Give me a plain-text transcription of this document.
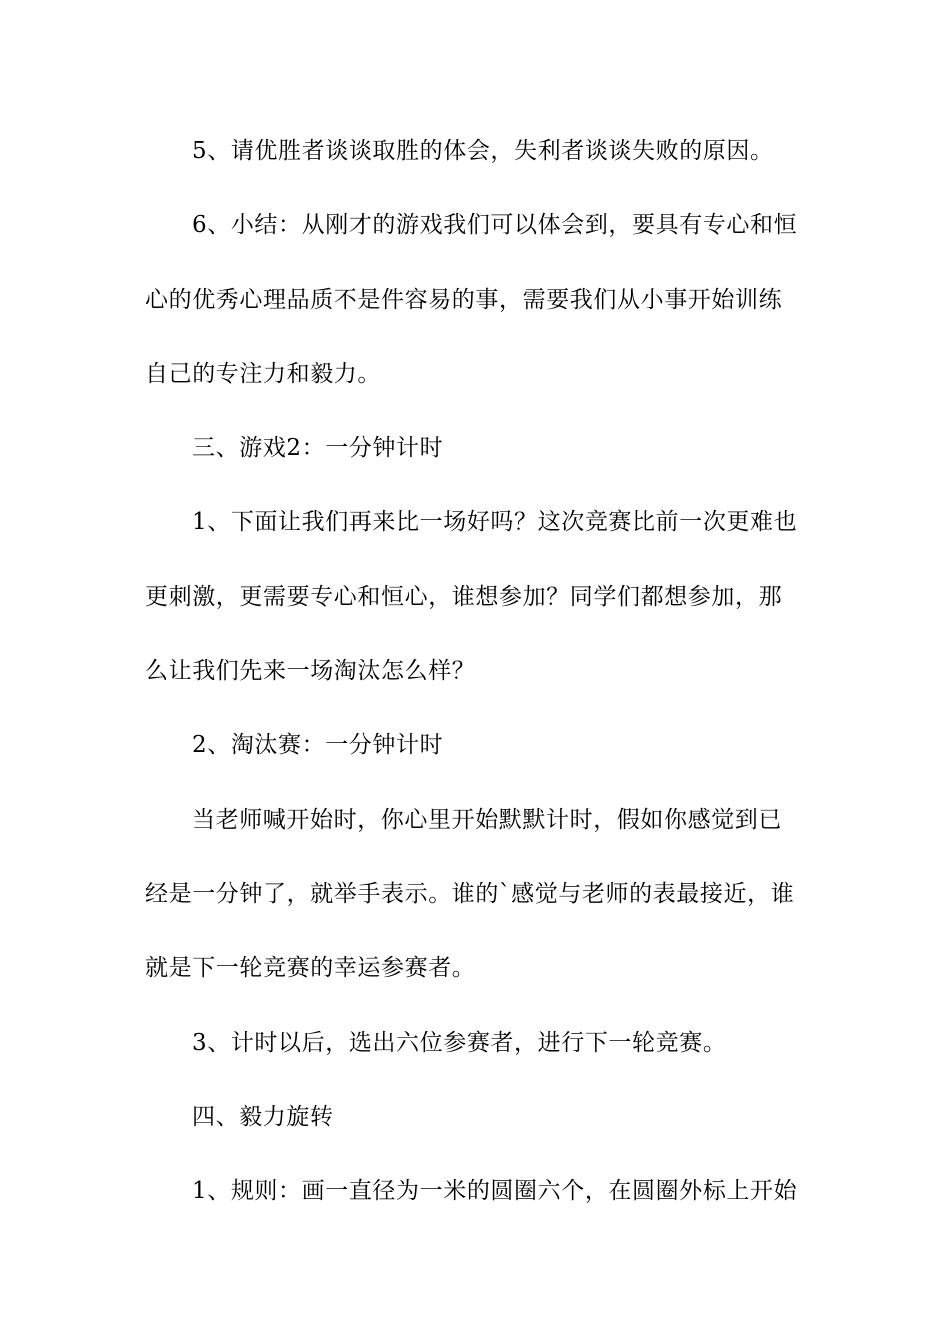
5、请优胜者谈谈取胜的体会，失利者谈谈失败的原因。
6、小结：从刚才的游戏我们可以体会到，要具有专心和恒
心的优秀心理品质不是件容易的事，需要我们从小事开始训练
自己的专注力和毅力。
三、游戏2：一分钟计时
1、下面让我们再来比一场好吗？这次竞赛比前一次更难也
更刺激，更需要专心和恒心，谁想参加？同学们都想参加，那
么让我们先来一场淘汰怎么样？
2、淘汰赛：一分钟计时
当老师喊开始时，你心里开始默默计时，假如你感觉到已
经是一分钟了，就举手表示。谁的`感觉与老师的表最接近，谁
就是下一轮竞赛的幸运参赛者。
3、计时以后，选出六位参赛者，进行下一轮竞赛。
四、毅力旋转
1、规则：画一直径为一米的圆圈六个，在圆圈外标上开始
